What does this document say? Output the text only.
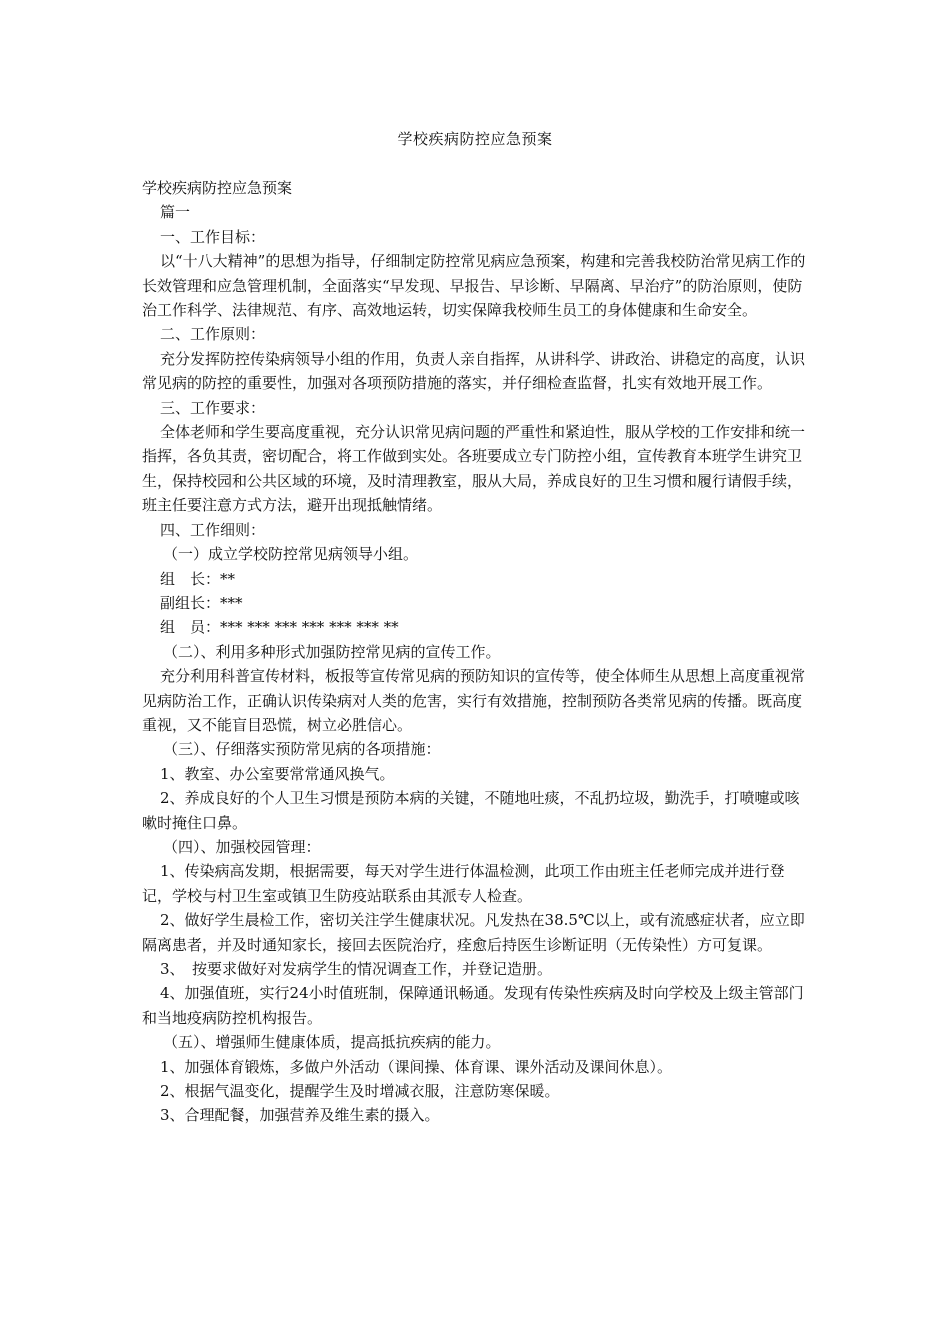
学校疾病防控应急预案

学校疾病防控应急预案

篇一

一、工作目标：

以“十八大精神”的思想为指导，仔细制定防控常见病应急预案，构建和完善我校防治常见病工作的长效管理和应急管理机制，全面落实“早发现、早报告、早诊断、早隔离、早治疗”的防治原则，使防治工作科学、法律规范、有序、高效地运转，切实保障我校师生员工的身体健康和生命安全。

二、工作原则：

充分发挥防控传染病领导小组的作用，负责人亲自指挥，从讲科学、讲政治、讲稳定的高度，认识常见病的防控的重要性，加强对各项预防措施的落实，并仔细检查监督，扎实有效地开展工作。

三、工作要求：

全体老师和学生要高度重视，充分认识常见病问题的严重性和紧迫性，服从学校的工作安排和统一指挥，各负其责，密切配合，将工作做到实处。各班要成立专门防控小组，宣传教育本班学生讲究卫生，保持校园和公共区域的环境，及时清理教室，服从大局，养成良好的卫生习惯和履行请假手续，班主任要注意方式方法，避开出现抵触情绪。

四、工作细则：

（一）成立学校防控常见病领导小组。

组　长：**

副组长：***

组　员：*** *** *** *** *** *** **

（二）、利用多种形式加强防控常见病的宣传工作。

充分利用科普宣传材料，板报等宣传常见病的预防知识的宣传等，使全体师生从思想上高度重视常见病防治工作，正确认识传染病对人类的危害，实行有效措施，控制预防各类常见病的传播。既高度重视，又不能盲目恐慌，树立必胜信心。

（三）、仔细落实预防常见病的各项措施：

1、教室、办公室要常常通风换气。

2、养成良好的个人卫生习惯是预防本病的关键，不随地吐痰，不乱扔垃圾，勤洗手，打喷嚏或咳嗽时掩住口鼻。

（四）、加强校园管理：

1、传染病高发期，根据需要，每天对学生进行体温检测，此项工作由班主任老师完成并进行登记，学校与村卫生室或镇卫生防疫站联系由其派专人检查。

2、做好学生晨检工作，密切关注学生健康状况。凡发热在38.5℃以上，或有流感症状者，应立即隔离患者，并及时通知家长，接回去医院治疗，痊愈后持医生诊断证明（无传染性）方可复课。

3、　按要求做好对发病学生的情况调查工作，并登记造册。

4、加强值班，实行24小时值班制，保障通讯畅通。发现有传染性疾病及时向学校及上级主管部门和当地疫病防控机构报告。

（五）、增强师生健康体质，提高抵抗疾病的能力。

1、加强体育锻炼，多做户外活动（课间操、体育课、课外活动及课间休息）。

2、根据气温变化，提醒学生及时增减衣服，注意防寒保暖。

3、合理配餐，加强营养及维生素的摄入。
